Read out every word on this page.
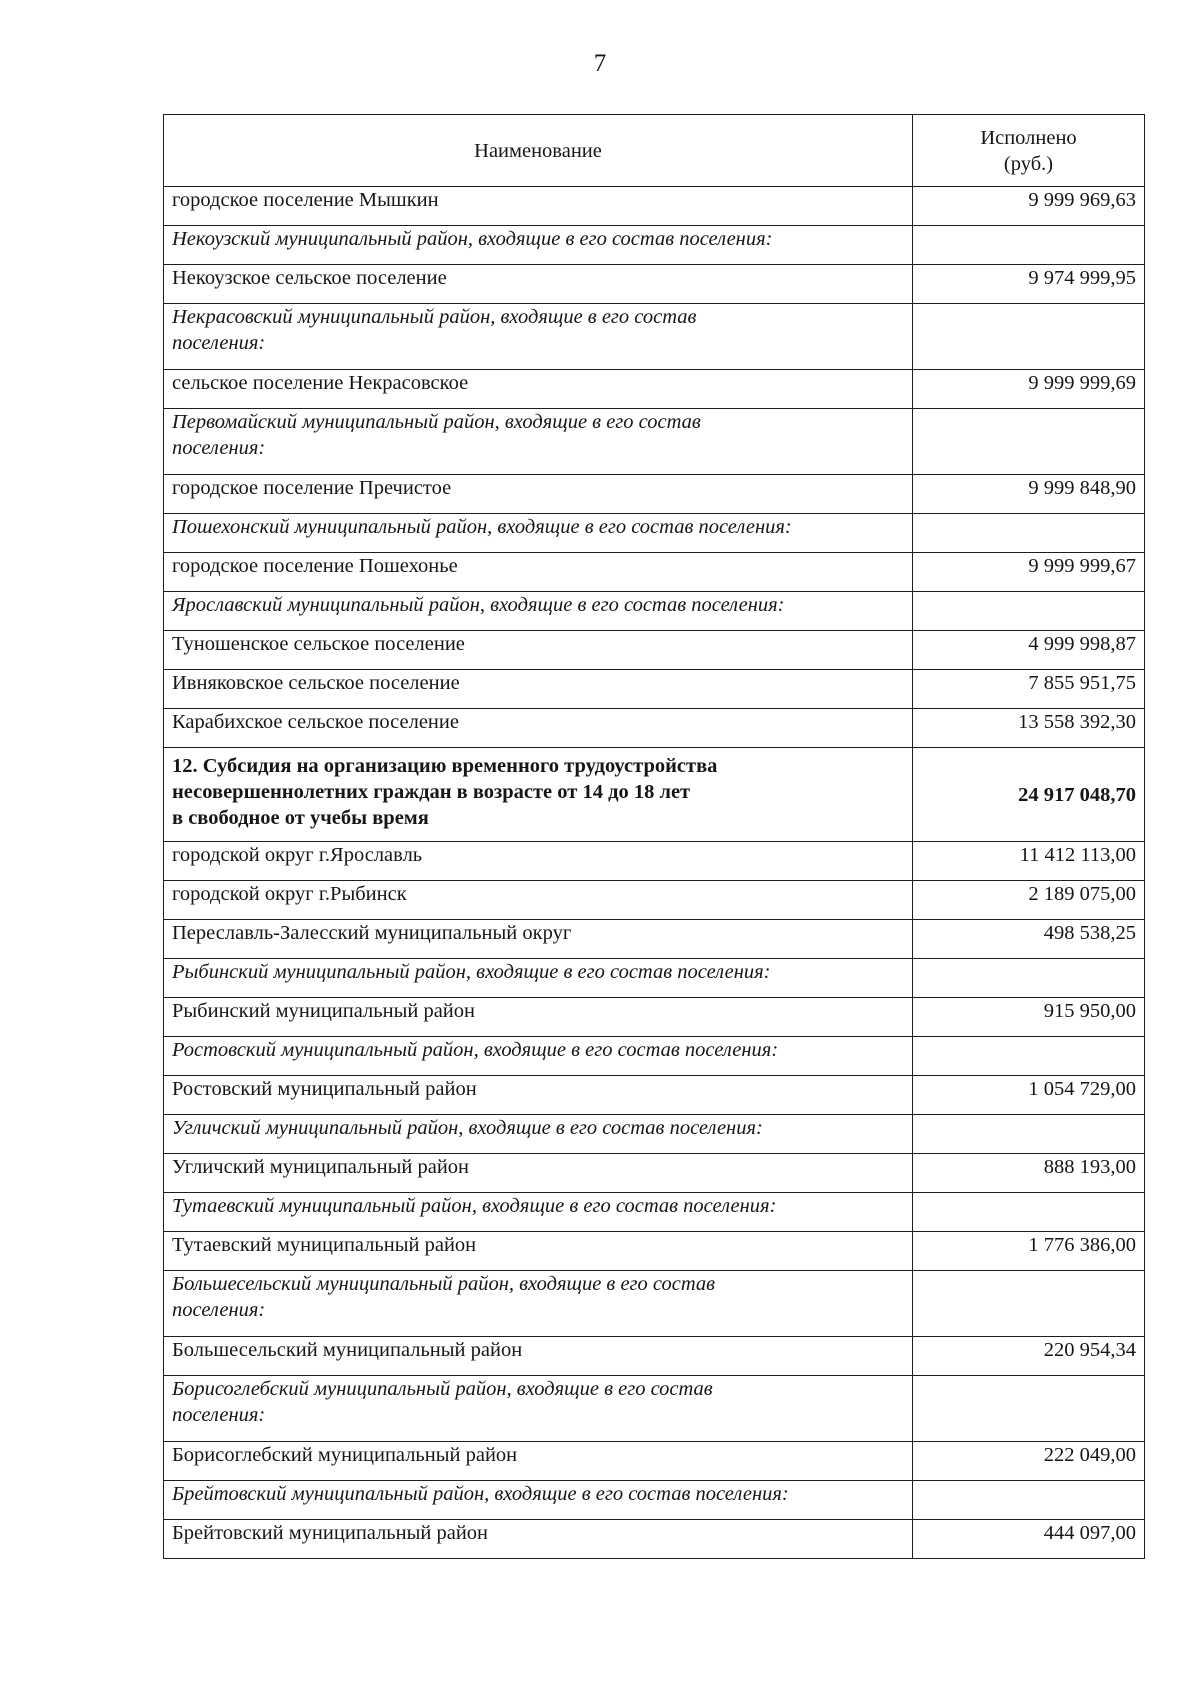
7
Наименование	Исполнено
(руб.)
городское поселение Мышкин	9 999 969,63
Некоузский муниципальный район, входящие в его состав поселения:	
Некоузское сельское поселение	9 974 999,95
Некрасовский муниципальный район, входящие в его состав
поселения:	
сельское поселение Некрасовское	9 999 999,69
Первомайский муниципальный район, входящие в его состав
поселения:	
городское поселение Пречистое	9 999 848,90
Пошехонский муниципальный район, входящие в его состав поселения:	
городское поселение Пошехонье	9 999 999,67
Ярославский муниципальный район, входящие в его состав поселения:	
Туношенское сельское поселение	4 999 998,87
Ивняковское сельское поселение	7 855 951,75
Карабихское сельское поселение	13 558 392,30
12. Субсидия на организацию временного трудоустройства
несовершеннолетних граждан в возрасте от 14 до 18 лет
в свободное от учебы время	24 917 048,70
городской округ г.Ярославль	11 412 113,00
городской округ г.Рыбинск	2 189 075,00
Переславль-Залесский муниципальный округ	498 538,25
Рыбинский муниципальный район, входящие в его состав поселения:	
Рыбинский муниципальный район	915 950,00
Ростовский муниципальный район, входящие в его состав поселения:	
Ростовский муниципальный район	1 054 729,00
Угличский муниципальный район, входящие в его состав поселения:	
Угличский муниципальный район	888 193,00
Тутаевский муниципальный район, входящие в его состав поселения:	
Тутаевский муниципальный район	1 776 386,00
Большесельский муниципальный район, входящие в его состав
поселения:	
Большесельский муниципальный район	220 954,34
Борисоглебский муниципальный район, входящие в его состав
поселения:	
Борисоглебский муниципальный район	222 049,00
Брейтовский муниципальный район, входящие в его состав поселения:	
Брейтовский муниципальный район	444 097,00
